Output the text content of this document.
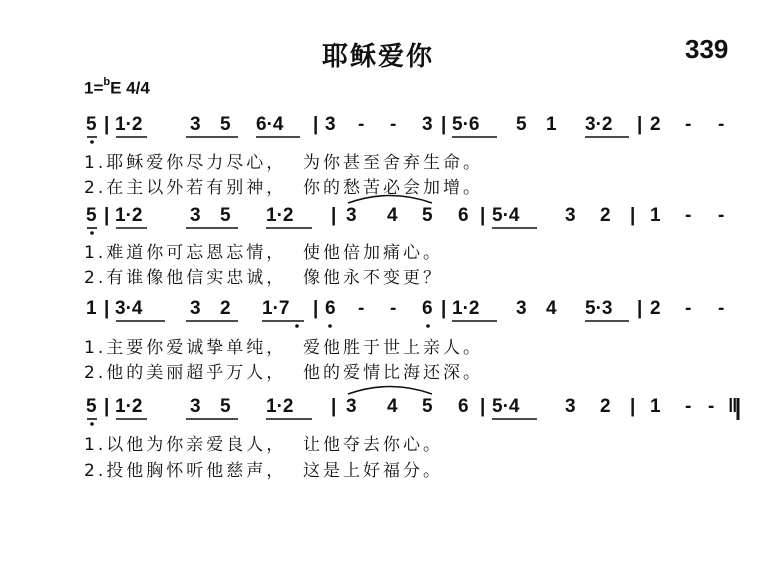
耶稣爱你	339
1=$^b$E 4/4

5 |

1·2	3 5

6·4 |

3 - - 3

| 5·6 5 1

3·2 |

2 - -

1.耶稣爱你尽力尽心，  为你甚至舍弃生命。
2.在主以外若有别神，  你的愁苦必会加增。

5 |

1·2	3 5

1·2 |

3 4 5 6

| 5·4 3 2

| 1 - -

1.难道你可忘恩忘情，  使他倍加痛心。
2.有谁像他信实忠诚，  像他永不变更？

1 |

3·4	3 2

1·7 |

6 - - 6

| 1·2 3 4

5·3 |

2 - -

1.主要你爱诚挚单纯，  爱他胜于世上亲人。
2.他的美丽超乎万人，  他的爱情比海还深。

5 |

1·2	3 5

1·2 |

3 4 5 6

| 5·4 3 2

| 1 - -

‖

1.以他为你亲爱良人，  让他夺去你心。
2.投他胸怀听他慈声，  这是上好福分。
